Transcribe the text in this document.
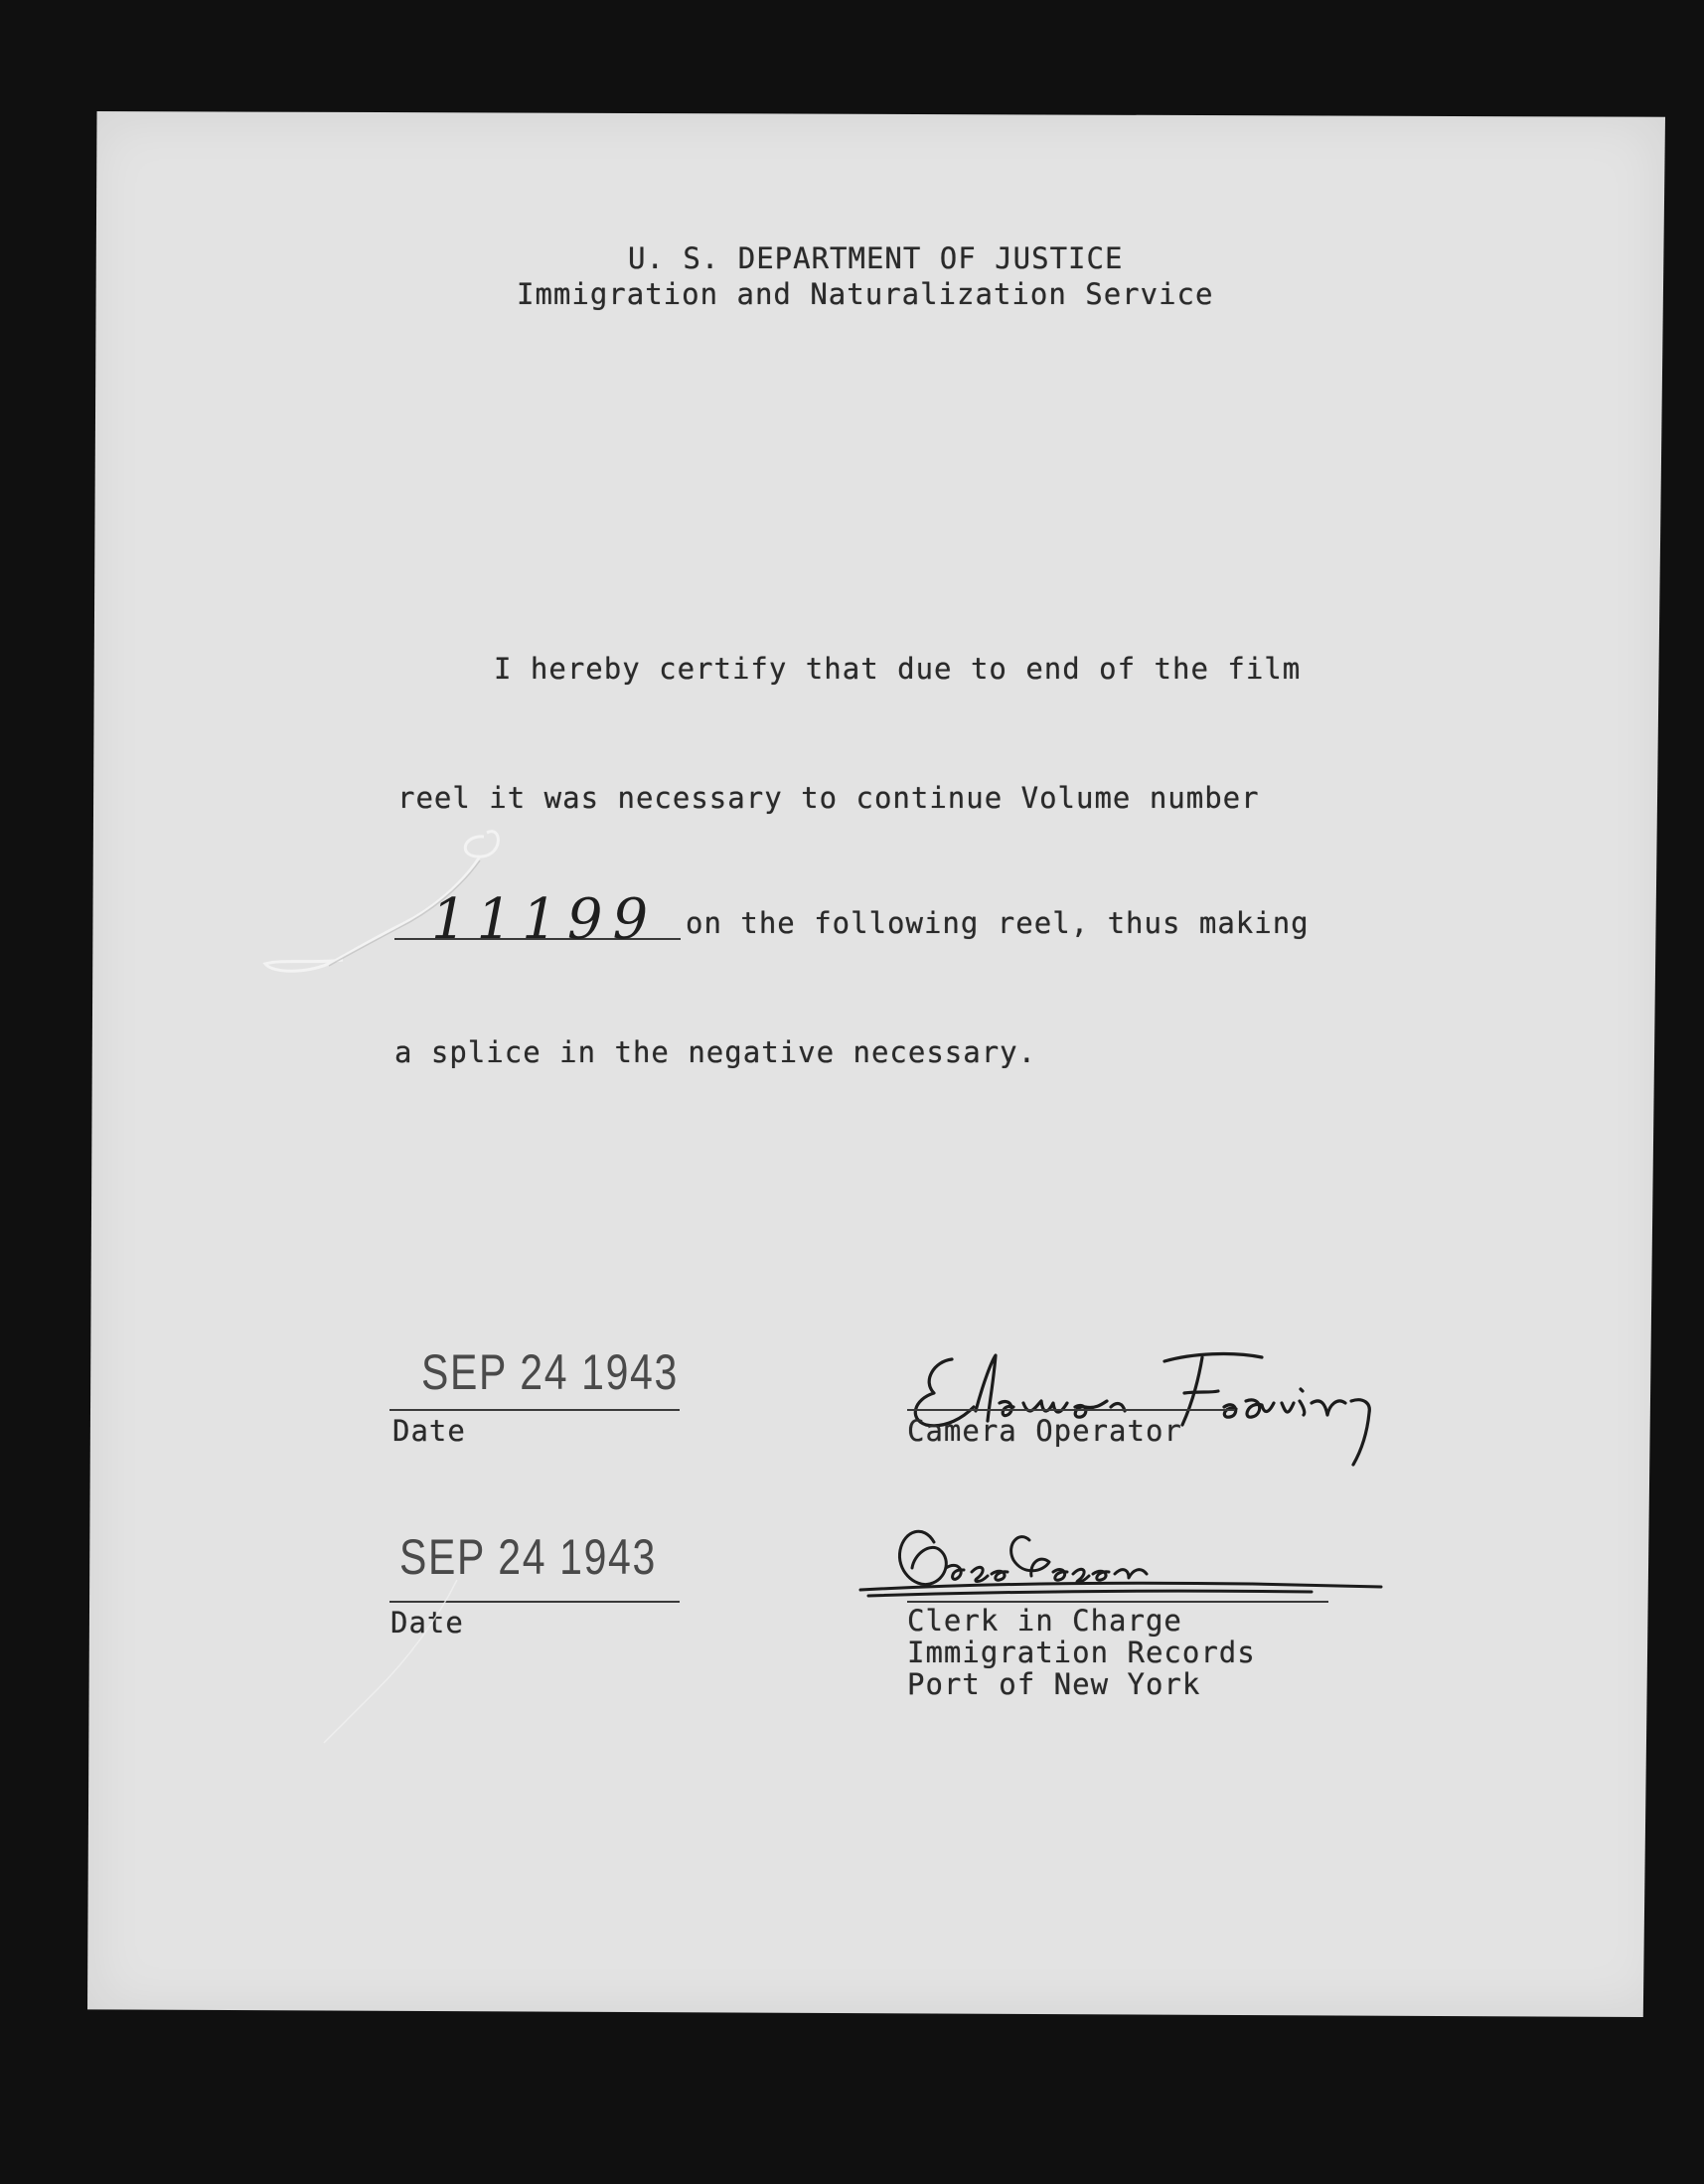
U. S. DEPARTMENT OF JUSTICE
Immigration and Naturalization Service
I hereby certify that due to end of the film
reel it was necessary to continue Volume number
11199 on the following reel, thus making
a splice in the negative necessary.
SEP 24 1943
Date	Camera Operator
SEP 24 1943
Date	Clerk in Charge
Immigration Records
Port of New York
